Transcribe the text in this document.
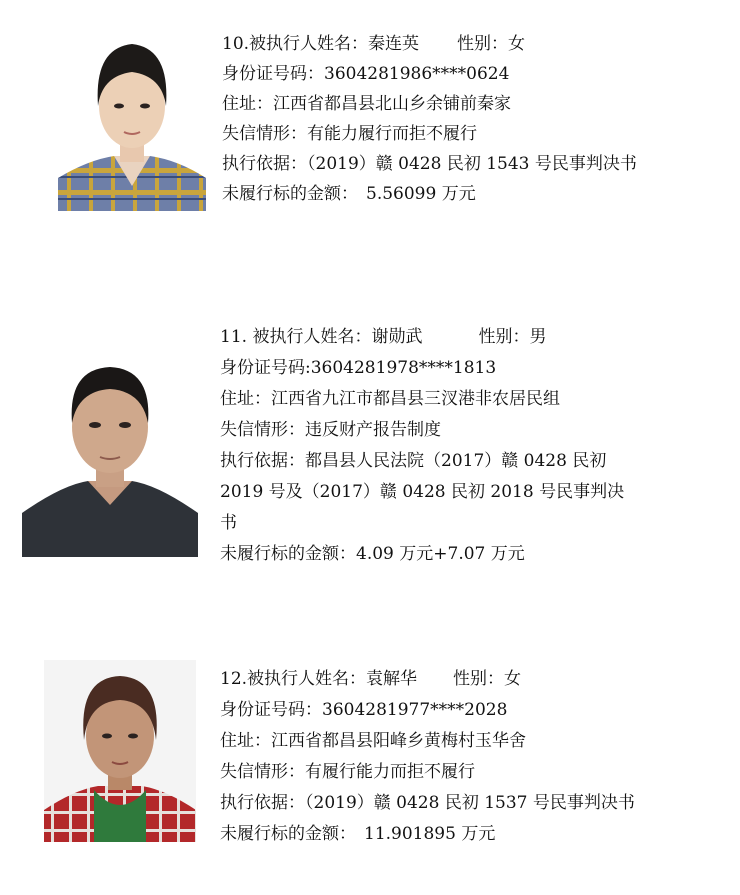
10.被执行人姓名：秦连英 性别：女
身份证号码：3604281986****0624
住址：江西省都昌县北山乡余铺前秦家
失信情形：有能力履行而拒不履行
执行依据：（2019）赣 0428 民初 1543 号民事判决书
未履行标的金额： 5.56099 万元
11. 被执行人姓名：谢勋武	性别：男
身份证号码:3604281978****1813
住址：江西省九江市都昌县三汊港非农居民组
失信情形：违反财产报告制度
执行依据：都昌县人民法院（2017）赣 0428 民初
2019 号及（2017）赣 0428 民初 2018 号民事判决
书
未履行标的金额：4.09 万元+7.07 万元
12.被执行人姓名：袁解华 性别：女
身份证号码：3604281977****2028
住址：江西省都昌县阳峰乡黄梅村玉华舍
失信情形：有履行能力而拒不履行
执行依据：（2019）赣 0428 民初 1537 号民事判决书
未履行标的金额： 11.901895 万元
